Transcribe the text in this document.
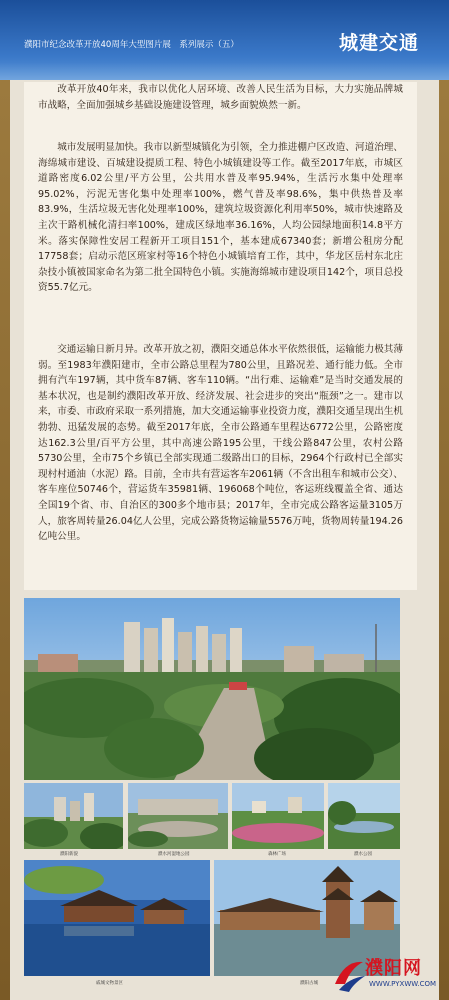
濮阳市纪念改革开放40周年大型图片展　系列展示（五）	城建交通

改革开放40年来，我市以优化人居环境、改善人民生活为目标，大力实施品牌城市战略，全面加强城乡基础设施建设管理，城乡面貌焕然一新。

城市发展明显加快。我市以新型城镇化为引领，全力推进棚户区改造、河道治理、海绵城市建设、百城建设提质工程、特色小城镇建设等工作。截至2017年底，市城区道路密度6.02公里/平方公里，公共用水普及率95.94%，生活污水集中处理率95.02%，污泥无害化集中处理率100%，燃气普及率98.6%，集中供热普及率83.9%，生活垃圾无害化处理率100%，建筑垃圾资源化利用率50%，城市快速路及主次干路机械化清扫率100%，建成区绿地率36.16%，人均公园绿地面积14.8平方米。落实保障性安居工程新开工项目151个，基本建成67340套；新增公租房分配17758套；启动示范区班家村等16个特色小城镇培育工作，其中，华龙区岳村东北庄杂技小镇被国家命名为第二批全国特色小镇。实施海绵城市建设项目142个，项目总投资55.7亿元。

交通运输日新月异。改革开放之初，濮阳交通总体水平依然很低，运输能力极其薄弱。至1983年濮阳建市，全市公路总里程为780公里，且路况差、通行能力低。全市拥有汽车197辆，其中货车87辆、客车110辆。“出行难、运输难”是当时交通发展的基本状况，也是制约濮阳改革开放、经济发展、社会进步的突出“瓶颈”之一。建市以来，市委、市政府采取一系列措施，加大交通运输事业投资力度，濮阳交通呈现出生机勃勃、迅猛发展的态势。截至2017年底，全市公路通车里程达6772公里，公路密度达162.3公里/百平方公里，其中高速公路195公里，干线公路847公里，农村公路5730公里，全市75个乡镇已全部实现通二级路出口的目标，2964个行政村已全部实现村村通油（水泥）路。目前，全市共有营运客车2061辆（不含出租车和城市公交）、客车座位50746个，营运货车35981辆、196068个吨位，客运班线覆盖全省、通达全国19个省、市、自治区的300多个地市县；2017年，全市完成公路客运量3105万人，旅客周转量26.04亿人公里，完成公路货物运输量5576万吨，货物周转量194.26亿吨公里。

濮阳新貌	濮水河湿地公园	森林广场	濮水公园
戚城文物景区	濮阳古城
濮阳网
WWW.PYXWW.COM
